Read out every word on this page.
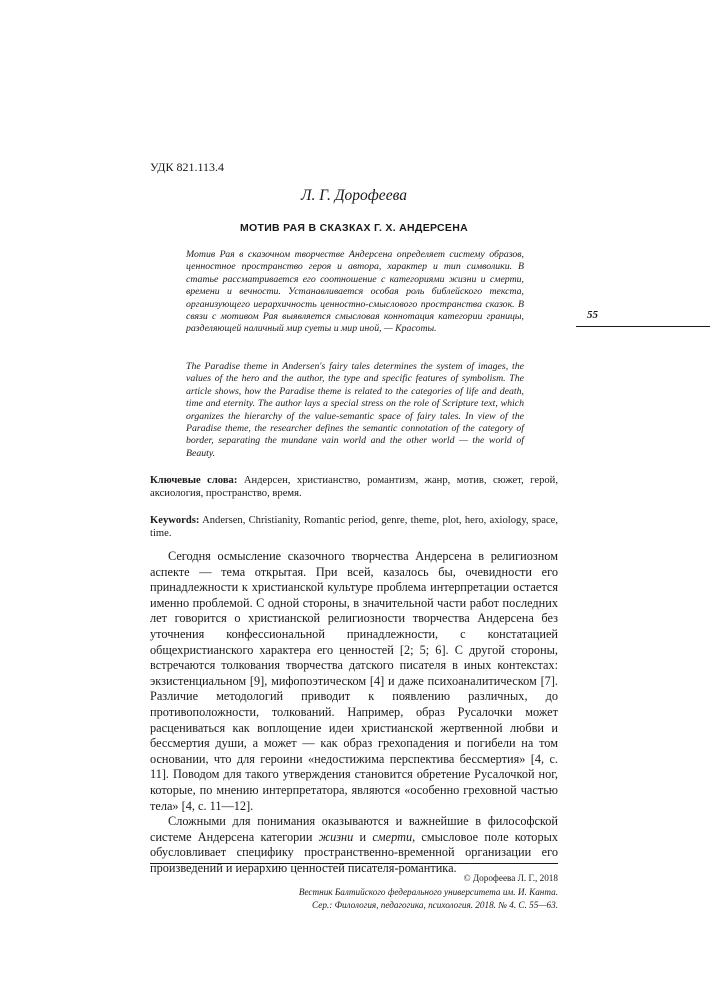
УДК 821.113.4
Л. Г. Дорофеева
МОТИВ РАЯ В СКАЗКАХ Г. Х. АНДЕРСЕНА
Мотив Рая в сказочном творчестве Андерсена определяет систему образов, ценностное пространство героя и автора, характер и тип символики. В статье рассматривается его соотношение с категориями жизни и смерти, времени и вечности. Устанавливается особая роль библейского текста, организующего иерархичность ценностно-смыслового пространства сказок. В связи с мотивом Рая выявляется смысловая коннотация категории границы, разделяющей наличный мир суеты и мир иной, — Красоты.
55
The Paradise theme in Andersen's fairy tales determines the system of images, the values of the hero and the author, the type and specific features of symbolism. The article shows, how the Paradise theme is related to the categories of life and death, time and eternity. The author lays a special stress on the role of Scripture text, which organizes the hierarchy of the value-semantic space of fairy tales. In view of the Paradise theme, the researcher defines the semantic connotation of the category of border, separating the mundane vain world and the other world — the world of Beauty.
Ключевые слова: Андерсен, христианство, романтизм, жанр, мотив, сюжет, герой, аксиология, пространство, время.
Keywords: Andersen, Christianity, Romantic period, genre, theme, plot, hero, axiology, space, time.

Сегодня осмысление сказочного творчества Андерсена в религиозном аспекте — тема открытая. При всей, казалось бы, очевидности его принадлежности к христианской культуре проблема интерпретации остается именно проблемой. С одной стороны, в значительной части работ последних лет говорится о христианской религиозности творчества Андерсена без уточнения конфессиональной принадлежности, с констатацией общехристианского характера его ценностей [2; 5; 6]. С другой стороны, встречаются толкования творчества датского писателя в иных контекстах: экзистенциальном [9], мифопоэтическом [4] и даже психоаналитическом [7]. Различие методологий приводит к появлению различных, до противоположности, толкований. Например, образ Русалочки может расцениваться как воплощение идеи христианской жертвенной любви и бессмертия души, а может — как образ грехопадения и погибели на том основании, что для героини «недостижима перспектива бессмертия» [4, с. 11]. Поводом для такого утверждения становится обретение Русалочкой ног, которые, по мнению интерпретатора, являются «особенно греховной частью тела» [4, с. 11—12].

Сложными для понимания оказываются и важнейшие в философской системе Андерсена категории жизни и смерти, смысловое поле которых обусловливает специфику пространственно-временной организации его произведений и иерархию ценностей писателя-романтика.

© Дорофеева Л. Г., 2018
Вестник Балтийского федерального университета им. И. Канта.
Сер.: Филология, педагогика, психология. 2018. № 4. С. 55—63.
